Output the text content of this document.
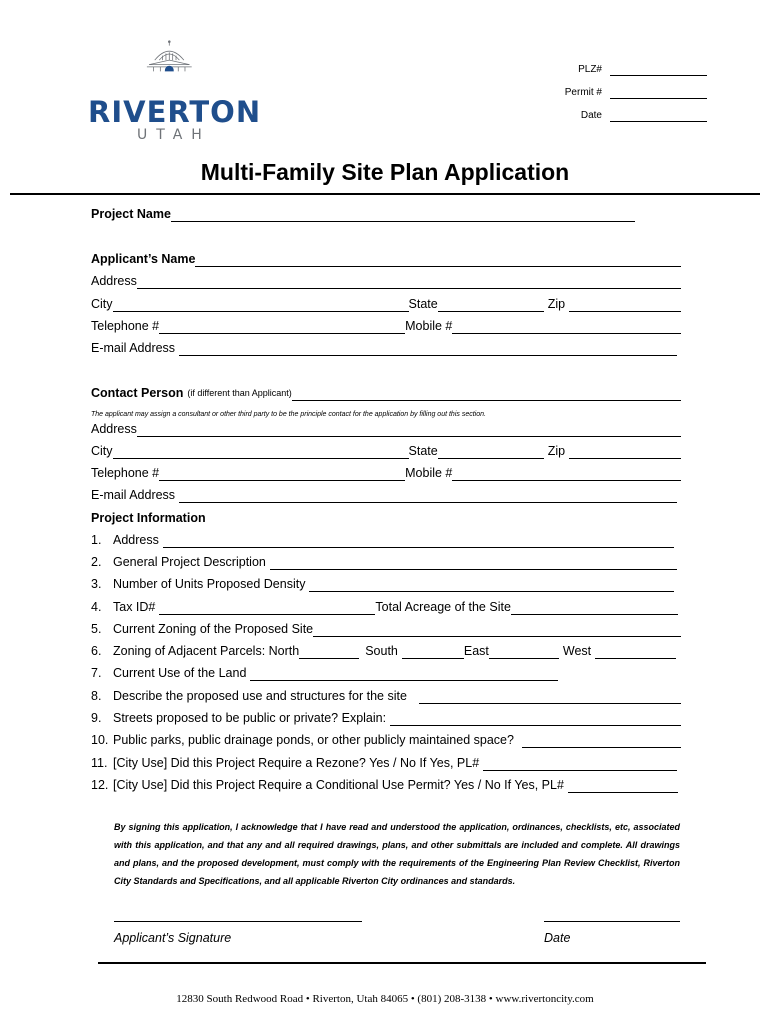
RIVERTON
UTAH
PLZ#
Permit #
Date
Multi-Family Site Plan Application
Project Name
Applicant’s Name
Address
City	State	Zip
Telephone #	Mobile #
E-mail Address
Contact Person (if different than Applicant)
The applicant may assign a consultant or other third party to be the principle contact for the application by filling out this section.
Address
City	State	Zip
Telephone #	Mobile #
E-mail Address
Project Information
1. Address
2. General Project Description
3. Number of Units Proposed Density
4. Tax ID#	Total Acreage of the Site
5. Current Zoning of the Proposed Site
6. Zoning of Adjacent Parcels: North	South	East	West
7. Current Use of the Land
8. Describe the proposed use and structures for the site
9. Streets proposed to be public or private? Explain:
10. Public parks, public drainage ponds, or other publicly maintained space?
11. [City Use] Did this Project Require a Rezone? Yes / No If Yes, PL#
12. [City Use] Did this Project Require a Conditional Use Permit? Yes / No If Yes, PL#
By signing this application, I acknowledge that I have read and understood the application, ordinances, checklists, etc, associated with this application, and that any and all required drawings, plans, and other submittals are included and complete. All drawings and plans, and the proposed development, must comply with the requirements of the Engineering Plan Review Checklist, Riverton City Standards and Specifications, and all applicable Riverton City ordinances and standards.
Applicant’s Signature	Date
12830 South Redwood Road • Riverton, Utah 84065 • (801) 208-3138 • www.rivertoncity.com
